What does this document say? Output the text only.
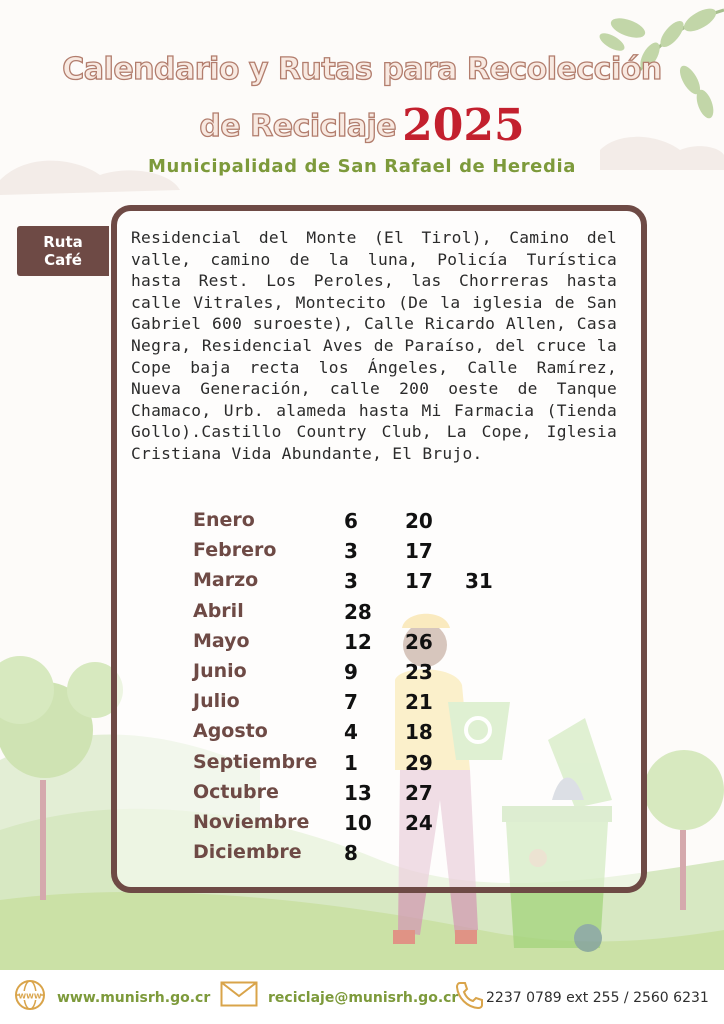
Calendario y Rutas para Recolección
de Reciclaje 2025
Municipalidad de San Rafael de Heredia
Ruta
Café
Residencial del Monte (El Tirol), Camino del valle, camino de la luna, Policía Turística hasta Rest. Los Peroles, las Chorreras hasta calle Vitrales, Montecito (De la iglesia de San Gabriel 600 suroeste), Calle Ricardo Allen, Casa Negra, Residencial Aves de Paraíso, del cruce la Cope baja recta los Ángeles, Calle Ramírez, Nueva Generación, calle 200 oeste de Tanque Chamaco, Urb. alameda hasta Mi Farmacia (Tienda Gollo).Castillo Country Club, La Cope, Iglesia Cristiana Vida Abundante, El Brujo.
Enero	6 20
Febrero	3 17
Marzo	3 17 31
Abril	28
Mayo	12 26
Junio	9 23
Julio	7 21
Agosto	4 18
Septiembre 1 29
Octubre	13 27
Noviembre 10 24
Diciembre 8
WWW www.munisrh.go.cr	reciclaje@munisrh.go.cr 2237 0789 ext 255 / 2560 6231
